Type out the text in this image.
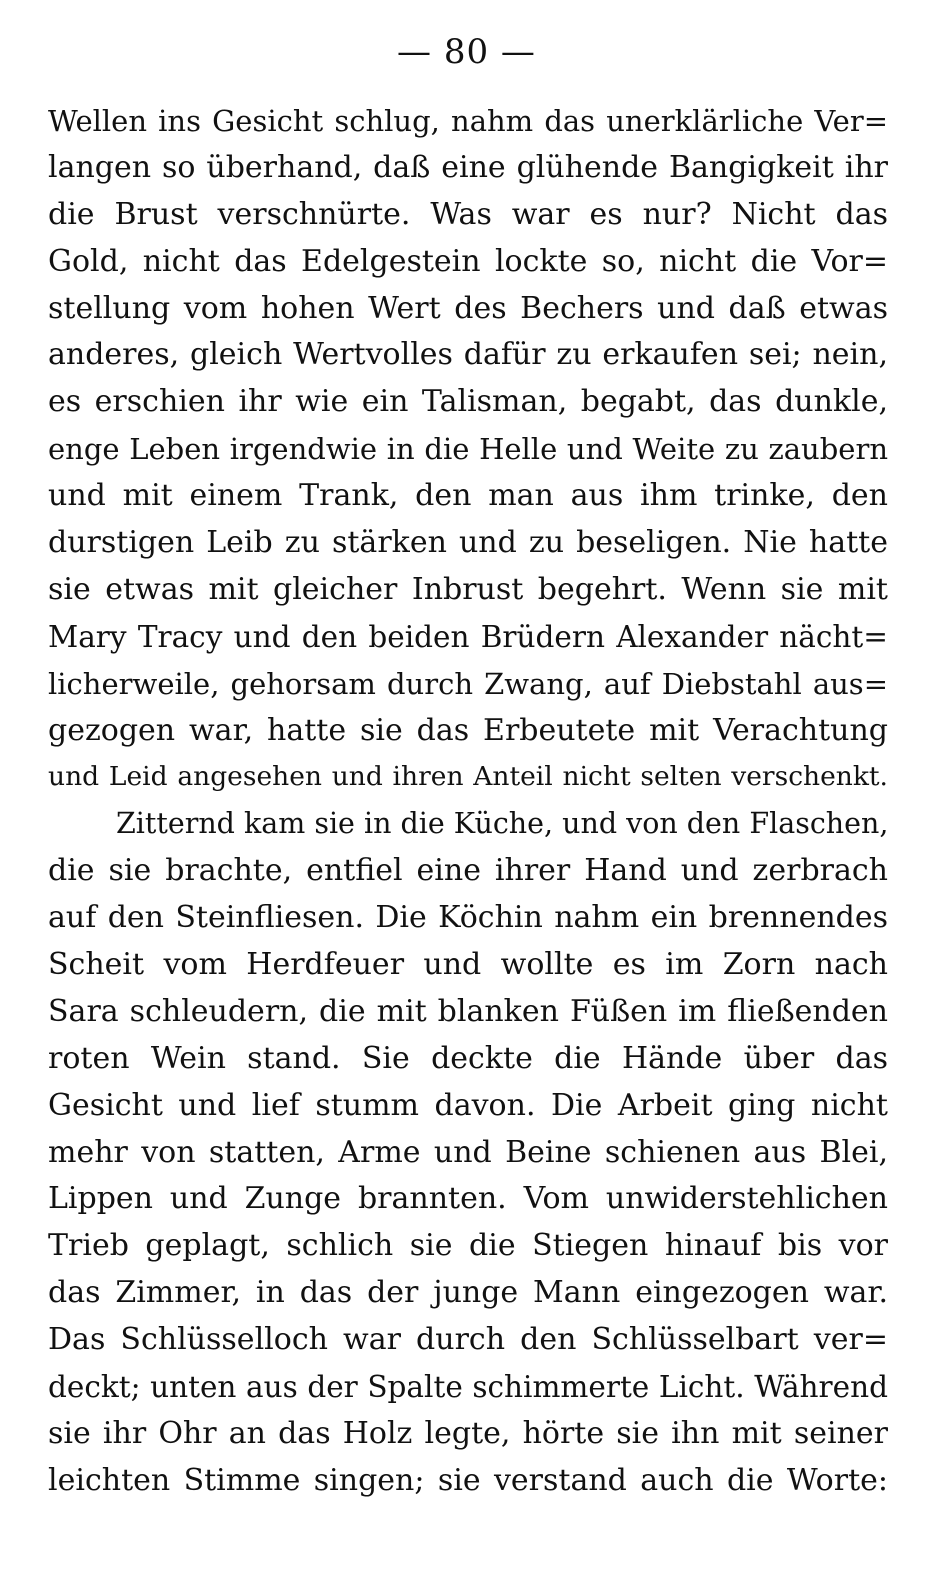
— 80 —
Wellen ins Gesicht schlug, nahm das unerklärliche Ver=
langen so überhand, daß eine glühende Bangigkeit ihr
die Brust verschnürte. Was war es nur? Nicht das
Gold, nicht das Edelgestein lockte so, nicht die Vor=
stellung vom hohen Wert des Bechers und daß etwas
anderes, gleich Wertvolles dafür zu erkaufen sei; nein,
es erschien ihr wie ein Talisman, begabt, das dunkle,
enge Leben irgendwie in die Helle und Weite zu zaubern
und mit einem Trank, den man aus ihm trinke, den
durstigen Leib zu stärken und zu beseligen. Nie hatte
sie etwas mit gleicher Inbrust begehrt. Wenn sie mit
Mary Tracy und den beiden Brüdern Alexander nächt=
licherweile, gehorsam durch Zwang, auf Diebstahl aus=
gezogen war, hatte sie das Erbeutete mit Verachtung
und Leid angesehen und ihren Anteil nicht selten verschenkt.
Zitternd kam sie in die Küche, und von den Flaschen,
die sie brachte, entfiel eine ihrer Hand und zerbrach
auf den Steinfliesen. Die Köchin nahm ein brennendes
Scheit vom Herdfeuer und wollte es im Zorn nach
Sara schleudern, die mit blanken Füßen im fließenden
roten Wein stand. Sie deckte die Hände über das
Gesicht und lief stumm davon. Die Arbeit ging nicht
mehr von statten, Arme und Beine schienen aus Blei,
Lippen und Zunge brannten. Vom unwiderstehlichen
Trieb geplagt, schlich sie die Stiegen hinauf bis vor
das Zimmer, in das der junge Mann eingezogen war.
Das Schlüsselloch war durch den Schlüsselbart ver=
deckt; unten aus der Spalte schimmerte Licht. Während
sie ihr Ohr an das Holz legte, hörte sie ihn mit seiner
leichten Stimme singen; sie verstand auch die Worte:
